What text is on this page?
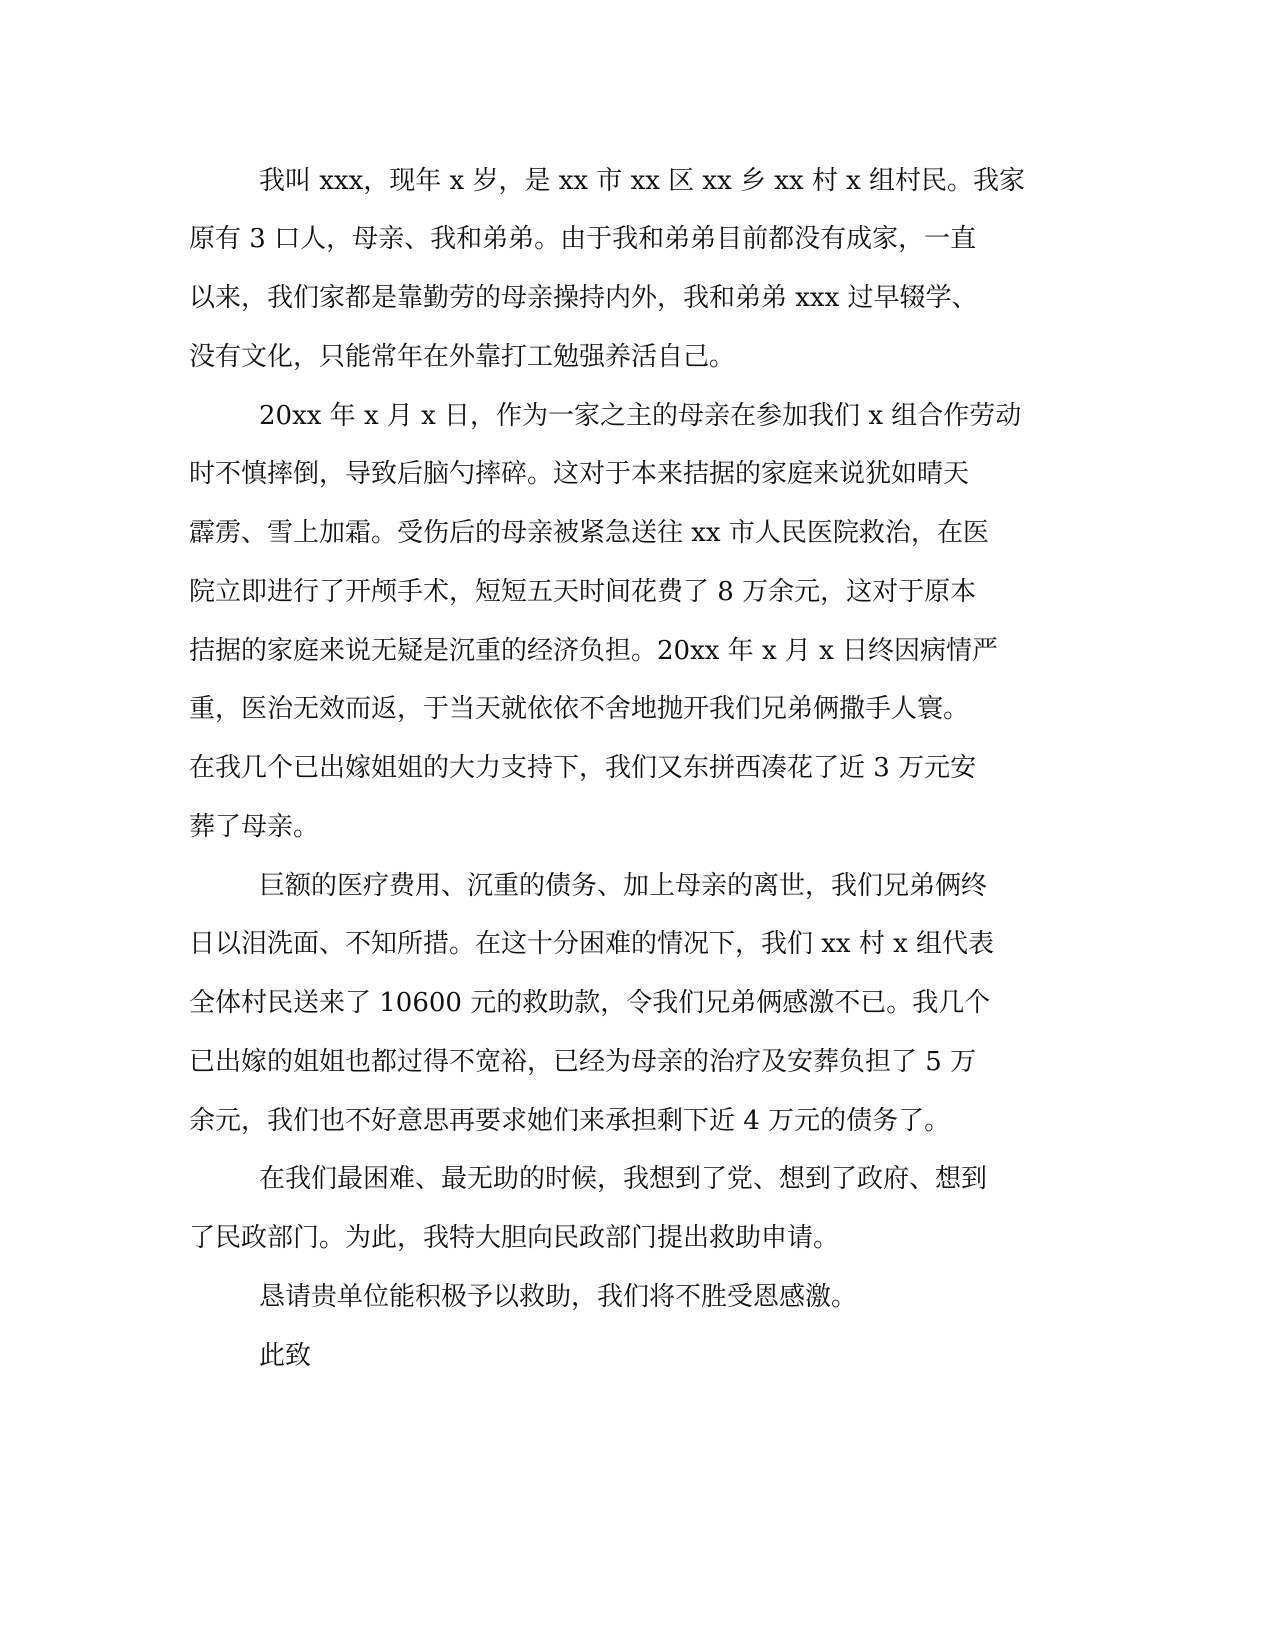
我叫 xxx，现年 x 岁，是 xx 市 xx 区 xx 乡 xx 村 x 组村民。我家

原有 3 口人，母亲、我和弟弟。由于我和弟弟目前都没有成家，一直

以来，我们家都是靠勤劳的母亲操持内外，我和弟弟 xxx 过早辍学、

没有文化，只能常年在外靠打工勉强养活自己。

20xx 年 x 月 x 日，作为一家之主的母亲在参加我们 x 组合作劳动

时不慎摔倒，导致后脑勺摔碎。这对于本来拮据的家庭来说犹如晴天

霹雳、雪上加霜。受伤后的母亲被紧急送往 xx 市人民医院救治，在医

院立即进行了开颅手术，短短五天时间花费了 8 万余元，这对于原本

拮据的家庭来说无疑是沉重的经济负担。20xx 年 x 月 x 日终因病情严

重，医治无效而返，于当天就依依不舍地抛开我们兄弟俩撒手人寰。

在我几个已出嫁姐姐的大力支持下，我们又东拼西凑花了近 3 万元安

葬了母亲。

巨额的医疗费用、沉重的债务、加上母亲的离世，我们兄弟俩终

日以泪洗面、不知所措。在这十分困难的情况下，我们 xx 村 x 组代表

全体村民送来了 10600 元的救助款，令我们兄弟俩感激不已。我几个

已出嫁的姐姐也都过得不宽裕，已经为母亲的治疗及安葬负担了 5 万

余元，我们也不好意思再要求她们来承担剩下近 4 万元的债务了。

在我们最困难、最无助的时候，我想到了党、想到了政府、想到

了民政部门。为此，我特大胆向民政部门提出救助申请。

恳请贵单位能积极予以救助，我们将不胜受恩感激。

此致
